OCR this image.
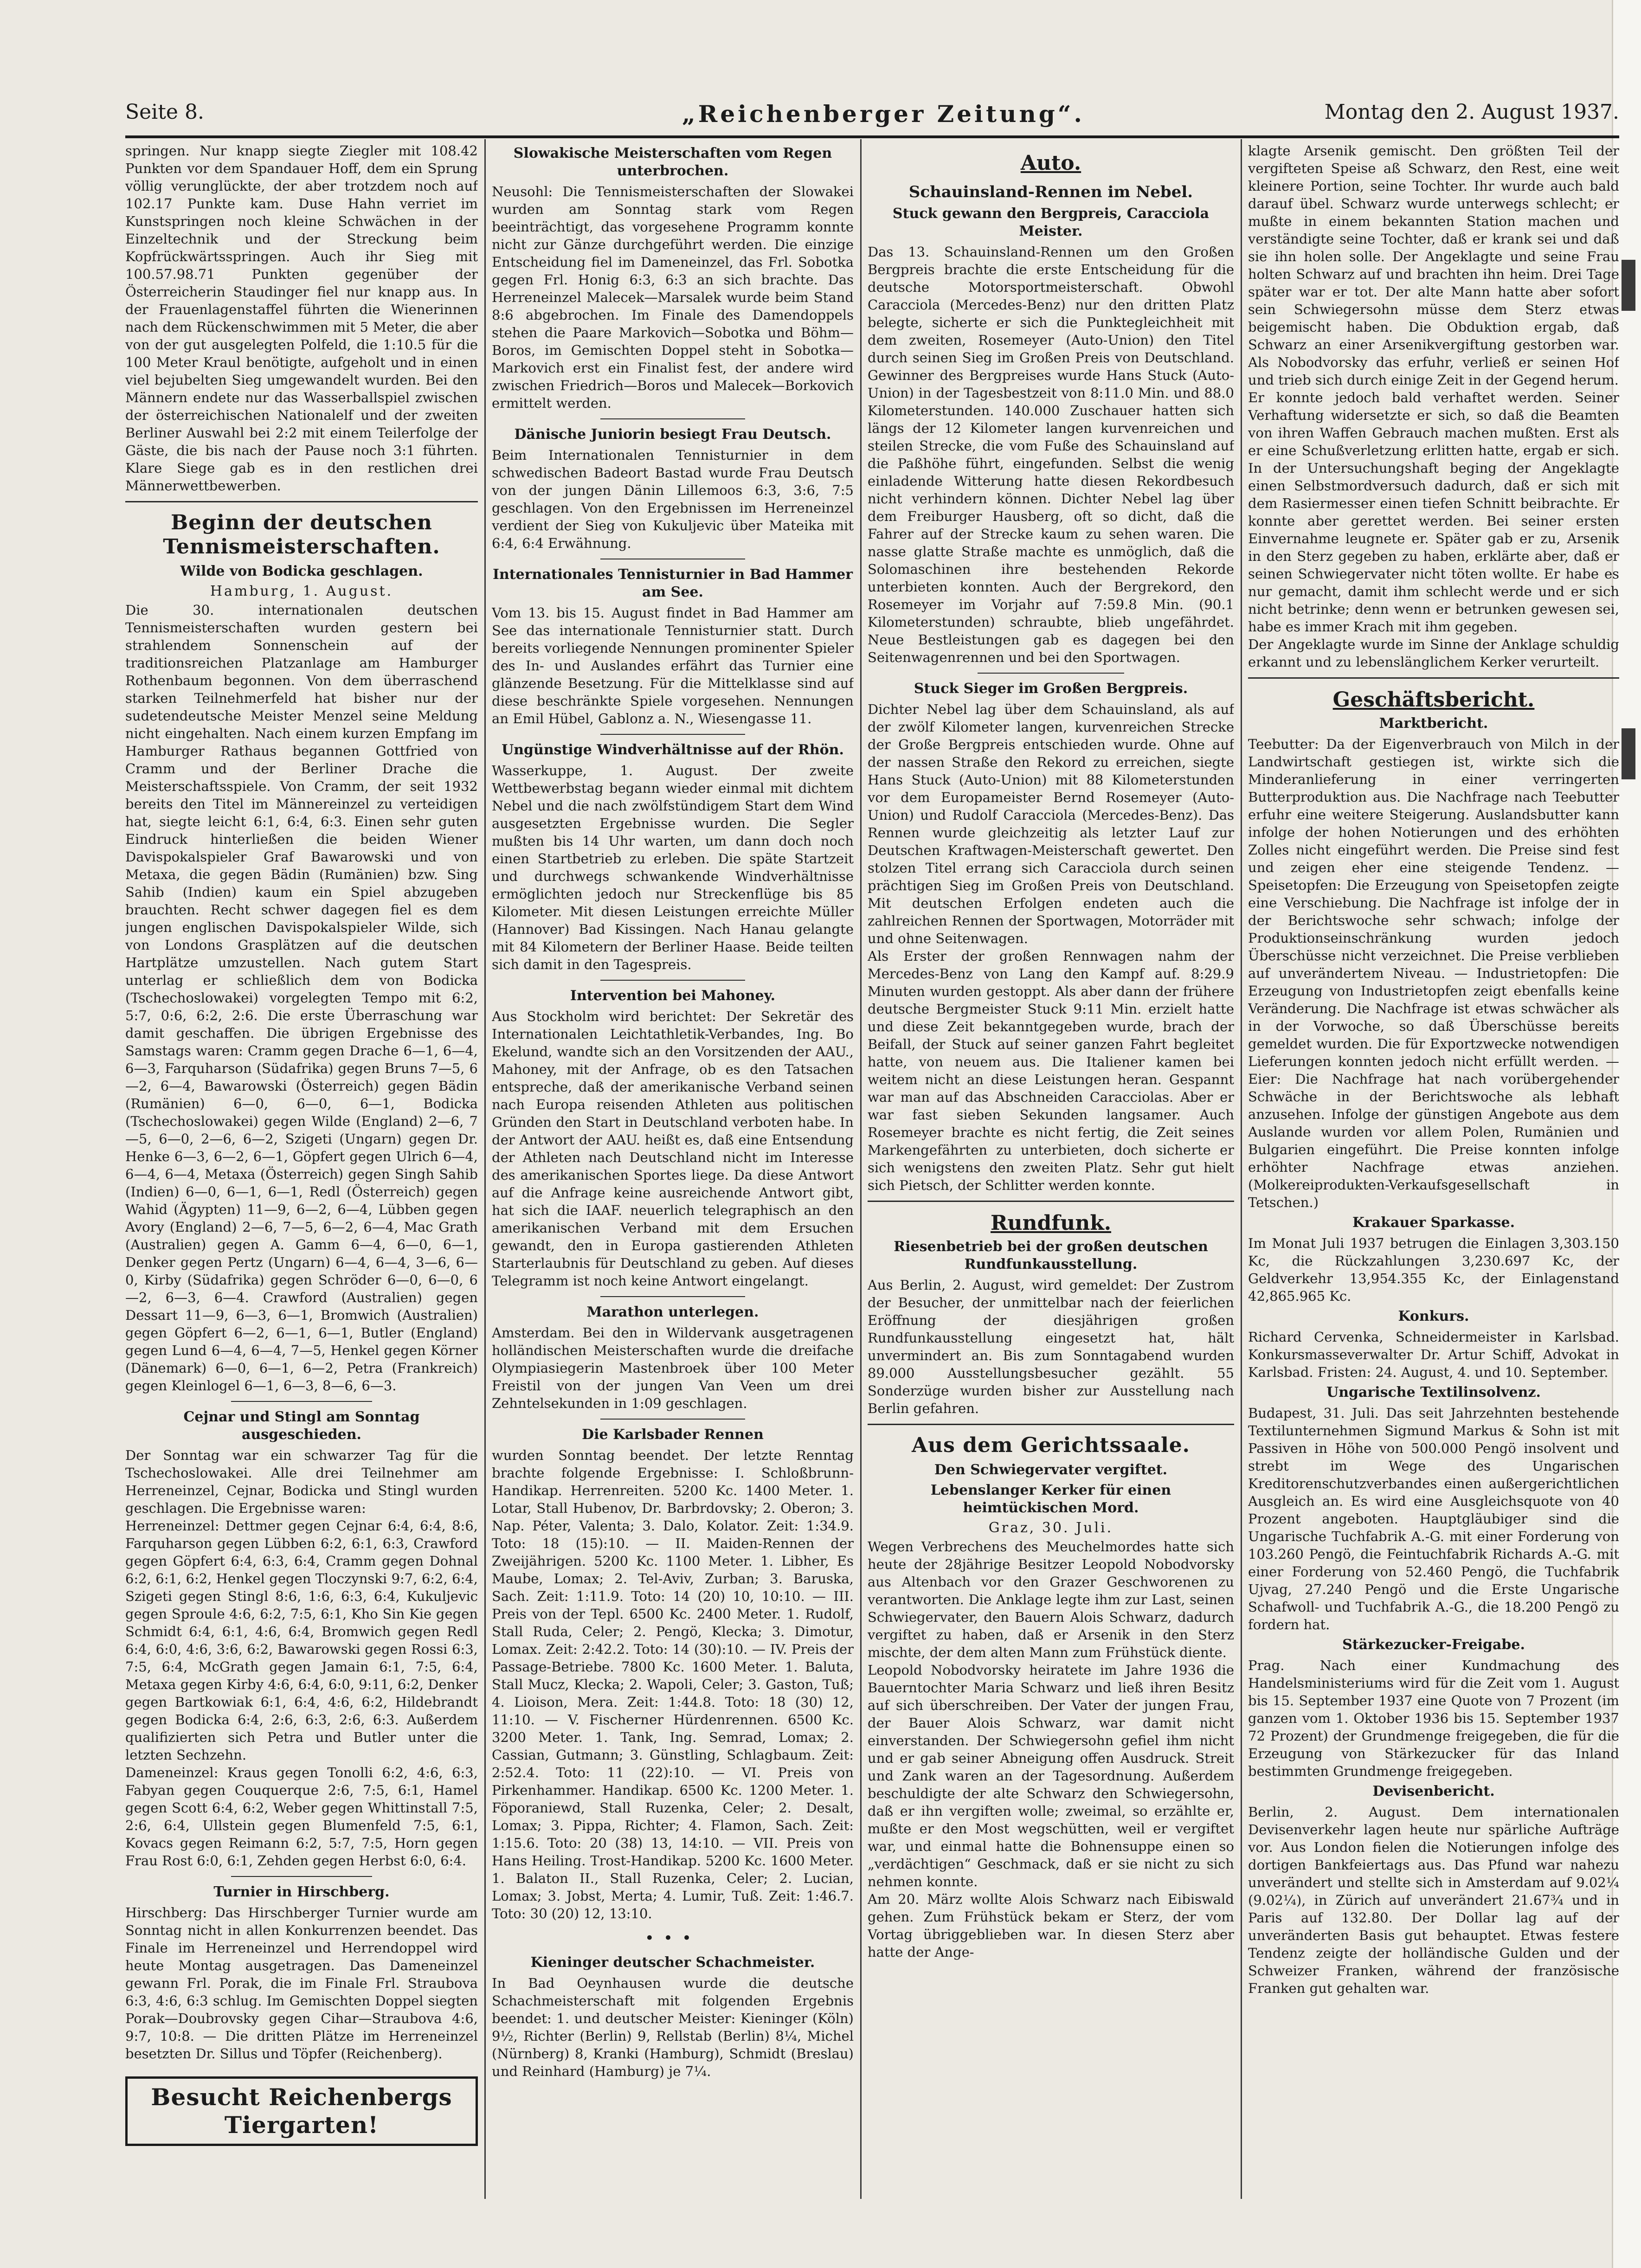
Seite 8.	„Reichenberger Zeitung“.	Montag den 2. August 1937.

springen. Nur knapp siegte Ziegler mit 108.42 Punkten vor dem Spandauer Hoff, dem ein Sprung völlig verunglückte, der aber trotzdem noch auf 102.17 Punkte kam. Duse Hahn verriet im Kunstspringen noch kleine Schwächen in der Einzeltechnik und der Streckung beim Kopfrückwärtsspringen. Auch ihr Sieg mit 100.57.98.71 Punkten gegenüber der Österreicherin Staudinger fiel nur knapp aus. In der Frauenlagenstaffel führten die Wienerinnen nach dem Rückenschwimmen mit 5 Meter, die aber von der gut ausgelegten Polfeld, die 1:10.5 für die 100 Meter Kraul benötigte, aufgeholt und in einen viel bejubelten Sieg umgewandelt wurden. Bei den Männern endete nur das Wasserballspiel zwischen der österreichischen Nationalelf und der zweiten Berliner Auswahl bei 2:2 mit einem Teilerfolge der Gäste, die bis nach der Pause noch 3:1 führten. Klare Siege gab es in den restlichen drei Männerwettbewerben.

Beginn der deutschen Tennismeisterschaften.
Wilde von Bodicka geschlagen.
Hamburg, 1. August.

Die 30. internationalen deutschen Tennismeisterschaften wurden gestern bei strahlendem Sonnenschein auf der traditionsreichen Platzanlage am Hamburger Rothenbaum begonnen. Von dem überraschend starken Teilnehmerfeld hat bisher nur der sudetendeutsche Meister Menzel seine Meldung nicht eingehalten. Nach einem kurzen Empfang im Hamburger Rathaus begannen Gottfried von Cramm und der Berliner Drache die Meisterschaftsspiele. Von Cramm, der seit 1932 bereits den Titel im Männereinzel zu verteidigen hat, siegte leicht 6:1, 6:4, 6:3. Einen sehr guten Eindruck hinterließen die beiden Wiener Davispokalspieler Graf Bawarowski und von Metaxa, die gegen Bädin (Rumänien) bzw. Sing Sahib (Indien) kaum ein Spiel abzugeben brauchten. Recht schwer dagegen fiel es dem jungen englischen Davispokalspieler Wilde, sich von Londons Grasplätzen auf die deutschen Hartplätze umzustellen. Nach gutem Start unterlag er schließlich dem von Bodicka (Tschechoslowakei) vorgelegten Tempo mit 6:2, 5:7, 0:6, 6:2, 2:6. Die erste Überraschung war damit geschaffen. Die übrigen Ergebnisse des Samstags waren: Cramm gegen Drache 6—1, 6—4, 6—3, Farquharson (Südafrika) gegen Bruns 7—5, 6—2, 6—4, Bawarowski (Österreich) gegen Bädin (Rumänien) 6—0, 6—0, 6—1, Bodicka (Tschechoslowakei) gegen Wilde (England) 2—6, 7—5, 6—0, 2—6, 6—2, Szigeti (Ungarn) gegen Dr. Henke 6—3, 6—2, 6—1, Göpfert gegen Ulrich 6—4, 6—4, 6—4, Metaxa (Österreich) gegen Singh Sahib (Indien) 6—0, 6—1, 6—1, Redl (Österreich) gegen Wahid (Ägypten) 11—9, 6—2, 6—4, Lübben gegen Avory (England) 2—6, 7—5, 6—2, 6—4, Mac Grath (Australien) gegen A. Gamm 6—4, 6—0, 6—1, Denker gegen Pertz (Ungarn) 6—4, 6—4, 3—6, 6—0, Kirby (Südafrika) gegen Schröder 6—0, 6—0, 6—2, 6—3, 6—4. Crawford (Australien) gegen Dessart 11—9, 6—3, 6—1, Bromwich (Australien) gegen Göpfert 6—2, 6—1, 6—1, Butler (England) gegen Lund 6—4, 6—4, 7—5, Henkel gegen Körner (Dänemark) 6—0, 6—1, 6—2, Petra (Frankreich) gegen Kleinlogel 6—1, 6—3, 8—6, 6—3.

Cejnar und Stingl am Sonntag ausgeschieden.

Der Sonntag war ein schwarzer Tag für die Tschechoslowakei. Alle drei Teilnehmer am Herreneinzel, Cejnar, Bodicka und Stingl wurden geschlagen. Die Ergebnisse waren:
Herreneinzel: Dettmer gegen Cejnar 6:4, 6:4, 8:6, Farquharson gegen Lübben 6:2, 6:1, 6:3, Crawford gegen Göpfert 6:4, 6:3, 6:4, Cramm gegen Dohnal 6:2, 6:1, 6:2, Henkel gegen Tloczynski 9:7, 6:2, 6:4, Szigeti gegen Stingl 8:6, 1:6, 6:3, 6:4, Kukuljevic gegen Sproule 4:6, 6:2, 7:5, 6:1, Kho Sin Kie gegen Schmidt 6:4, 6:1, 4:6, 6:4, Bromwich gegen Redl 6:4, 6:0, 4:6, 3:6, 6:2, Bawarowski gegen Rossi 6:3, 7:5, 6:4, McGrath gegen Jamain 6:1, 7:5, 6:4, Metaxa gegen Kirby 4:6, 6:4, 6:0, 9:11, 6:2, Denker gegen Bartkowiak 6:1, 6:4, 4:6, 6:2, Hildebrandt gegen Bodicka 6:4, 2:6, 6:3, 2:6, 6:3. Außerdem qualifizierten sich Petra und Butler unter die letzten Sechzehn.
Dameneinzel: Kraus gegen Tonolli 6:2, 4:6, 6:3, Fabyan gegen Couquerque 2:6, 7:5, 6:1, Hamel gegen Scott 6:4, 6:2, Weber gegen Whittinstall 7:5, 2:6, 6:4, Ullstein gegen Blumenfeld 7:5, 6:1, Kovacs gegen Reimann 6:2, 5:7, 7:5, Horn gegen Frau Rost 6:0, 6:1, Zehden gegen Herbst 6:0, 6:4.

Turnier in Hirschberg.

Hirschberg: Das Hirschberger Turnier wurde am Sonntag nicht in allen Konkurrenzen beendet. Das Finale im Herreneinzel und Herrendoppel wird heute Montag ausgetragen. Das Dameneinzel gewann Frl. Porak, die im Finale Frl. Straubova 6:3, 4:6, 6:3 schlug. Im Gemischten Doppel siegten Porak—Doubrovsky gegen Cihar—Straubova 4:6, 9:7, 10:8. — Die dritten Plätze im Herreneinzel besetzten Dr. Sillus und Töpfer (Reichenberg).

Besucht Reichenbergs Tiergarten!
Slowakische Meisterschaften vom Regen unterbrochen.

Neusohl: Die Tennismeisterschaften der Slowakei wurden am Sonntag stark vom Regen beeinträchtigt, das vorgesehene Programm konnte nicht zur Gänze durchgeführt werden. Die einzige Entscheidung fiel im Dameneinzel, das Frl. Sobotka gegen Frl. Honig 6:3, 6:3 an sich brachte. Das Herreneinzel Malecek—Marsalek wurde beim Stand 8:6 abgebrochen. Im Finale des Damendoppels stehen die Paare Markovich—Sobotka und Böhm—Boros, im Gemischten Doppel steht in Sobotka—Markovich erst ein Finalist fest, der andere wird zwischen Friedrich—Boros und Malecek—Borkovich ermittelt werden.

Dänische Juniorin besiegt Frau Deutsch.

Beim Internationalen Tennisturnier in dem schwedischen Badeort Bastad wurde Frau Deutsch von der jungen Dänin Lillemoos 6:3, 3:6, 7:5 geschlagen. Von den Ergebnissen im Herreneinzel verdient der Sieg von Kukuljevic über Mateika mit 6:4, 6:4 Erwähnung.

Internationales Tennisturnier in Bad Hammer am See.

Vom 13. bis 15. August findet in Bad Hammer am See das internationale Tennisturnier statt. Durch bereits vorliegende Nennungen prominenter Spieler des In- und Auslandes erfährt das Turnier eine glänzende Besetzung. Für die Mittelklasse sind auf diese beschränkte Spiele vorgesehen. Nennungen an Emil Hübel, Gablonz a. N., Wiesengasse 11.

Ungünstige Windverhältnisse auf der Rhön.

Wasserkuppe, 1. August. Der zweite Wettbewerbstag begann wieder einmal mit dichtem Nebel und die nach zwölfstündigem Start dem Wind ausgesetzten Ergebnisse wurden. Die Segler mußten bis 14 Uhr warten, um dann doch noch einen Startbetrieb zu erleben. Die späte Startzeit und durchwegs schwankende Windverhältnisse ermöglichten jedoch nur Streckenflüge bis 85 Kilometer. Mit diesen Leistungen erreichte Müller (Hannover) Bad Kissingen. Nach Hanau gelangte mit 84 Kilometern der Berliner Haase. Beide teilten sich damit in den Tagespreis.

Intervention bei Mahoney.

Aus Stockholm wird berichtet: Der Sekretär des Internationalen Leichtathletik-Verbandes, Ing. Bo Ekelund, wandte sich an den Vorsitzenden der AAU., Mahoney, mit der Anfrage, ob es den Tatsachen entspreche, daß der amerikanische Verband seinen nach Europa reisenden Athleten aus politischen Gründen den Start in Deutschland verboten habe. In der Antwort der AAU. heißt es, daß eine Entsendung der Athleten nach Deutschland nicht im Interesse des amerikanischen Sportes liege. Da diese Antwort auf die Anfrage keine ausreichende Antwort gibt, hat sich die IAAF. neuerlich telegraphisch an den amerikanischen Verband mit dem Ersuchen gewandt, den in Europa gastierenden Athleten Starterlaubnis für Deutschland zu geben. Auf dieses Telegramm ist noch keine Antwort eingelangt.

Marathon unterlegen.

Amsterdam. Bei den in Wildervank ausgetragenen holländischen Meisterschaften wurde die dreifache Olympiasiegerin Mastenbroek über 100 Meter Freistil von der jungen Van Veen um drei Zehntelsekunden in 1:09 geschlagen.

Die Karlsbader Rennen

wurden Sonntag beendet. Der letzte Renntag brachte folgende Ergebnisse: I. Schloßbrunn-Handikap. Herrenreiten. 5200 Kc. 1400 Meter. 1. Lotar, Stall Hubenov, Dr. Barbrdovsky; 2. Oberon; 3. Nap. Péter, Valenta; 3. Dalo, Kolator. Zeit: 1:34.9. Toto: 18 (15):10. — II. Maiden-Rennen der Zweijährigen. 5200 Kc. 1100 Meter. 1. Libher, Es Maube, Lomax; 2. Tel-Aviv, Zurban; 3. Baruska, Sach. Zeit: 1:11.9. Toto: 14 (20) 10, 10:10. — III. Preis von der Tepl. 6500 Kc. 2400 Meter. 1. Rudolf, Stall Ruda, Celer; 2. Pengö, Klecka; 3. Dimotur, Lomax. Zeit: 2:42.2. Toto: 14 (30):10. — IV. Preis der Passage-Betriebe. 7800 Kc. 1600 Meter. 1. Baluta, Stall Mucz, Klecka; 2. Wapoli, Celer; 3. Gaston, Tuß; 4. Lioison, Mera. Zeit: 1:44.8. Toto: 18 (30) 12, 11:10. — V. Fischerner Hürdenrennen. 6500 Kc. 3200 Meter. 1. Tank, Ing. Semrad, Lomax; 2. Cassian, Gutmann; 3. Günstling, Schlagbaum. Zeit: 2:52.4. Toto: 11 (22):10. — VI. Preis von Pirkenhammer. Handikap. 6500 Kc. 1200 Meter. 1. Föporaniewd, Stall Ruzenka, Celer; 2. Desalt, Lomax; 3. Pippa, Richter; 4. Flamon, Sach. Zeit: 1:15.6. Toto: 20 (38) 13, 14:10. — VII. Preis von Hans Heiling. Trost-Handikap. 5200 Kc. 1600 Meter. 1. Balaton II., Stall Ruzenka, Celer; 2. Lucian, Lomax; 3. Jobst, Merta; 4. Lumir, Tuß. Zeit: 1:46.7. Toto: 30 (20) 12, 13:10.

•••
Kieninger deutscher Schachmeister.

In Bad Oeynhausen wurde die deutsche Schachmeisterschaft mit folgenden Ergebnis beendet: 1. und deutscher Meister: Kieninger (Köln) 9½, Richter (Berlin) 9, Rellstab (Berlin) 8¼, Michel (Nürnberg) 8, Kranki (Hamburg), Schmidt (Breslau) und Reinhard (Hamburg) je 7¼.

Auto.
Schauinsland-Rennen im Nebel.
Stuck gewann den Bergpreis, Caracciola Meister.

Das 13. Schauinsland-Rennen um den Großen Bergpreis brachte die erste Entscheidung für die deutsche Motorsportmeisterschaft. Obwohl Caracciola (Mercedes-Benz) nur den dritten Platz belegte, sicherte er sich die Punktegleichheit mit dem zweiten, Rosemeyer (Auto-Union) den Titel durch seinen Sieg im Großen Preis von Deutschland. Gewinner des Bergpreises wurde Hans Stuck (Auto-Union) in der Tagesbestzeit von 8:11.0 Min. und 88.0 Kilometerstunden. 140.000 Zuschauer hatten sich längs der 12 Kilometer langen kurvenreichen und steilen Strecke, die vom Fuße des Schauinsland auf die Paßhöhe führt, eingefunden. Selbst die wenig einladende Witterung hatte diesen Rekordbesuch nicht verhindern können. Dichter Nebel lag über dem Freiburger Hausberg, oft so dicht, daß die Fahrer auf der Strecke kaum zu sehen waren. Die nasse glatte Straße machte es unmöglich, daß die Solomaschinen ihre bestehenden Rekorde unterbieten konnten. Auch der Bergrekord, den Rosemeyer im Vorjahr auf 7:59.8 Min. (90.1 Kilometerstunden) schraubte, blieb ungefährdet. Neue Bestleistungen gab es dagegen bei den Seitenwagenrennen und bei den Sportwagen.

Stuck Sieger im Großen Bergpreis.

Dichter Nebel lag über dem Schauinsland, als auf der zwölf Kilometer langen, kurvenreichen Strecke der Große Bergpreis entschieden wurde. Ohne auf der nassen Straße den Rekord zu erreichen, siegte Hans Stuck (Auto-Union) mit 88 Kilometerstunden vor dem Europameister Bernd Rosemeyer (Auto-Union) und Rudolf Caracciola (Mercedes-Benz). Das Rennen wurde gleichzeitig als letzter Lauf zur Deutschen Kraftwagen-Meisterschaft gewertet. Den stolzen Titel errang sich Caracciola durch seinen prächtigen Sieg im Großen Preis von Deutschland. Mit deutschen Erfolgen endeten auch die zahlreichen Rennen der Sportwagen, Motorräder mit und ohne Seitenwagen.
Als Erster der großen Rennwagen nahm der Mercedes-Benz von Lang den Kampf auf. 8:29.9 Minuten wurden gestoppt. Als aber dann der frühere deutsche Bergmeister Stuck 9:11 Min. erzielt hatte und diese Zeit bekanntgegeben wurde, brach der Beifall, der Stuck auf seiner ganzen Fahrt begleitet hatte, von neuem aus. Die Italiener kamen bei weitem nicht an diese Leistungen heran. Gespannt war man auf das Abschneiden Caracciolas. Aber er war fast sieben Sekunden langsamer. Auch Rosemeyer brachte es nicht fertig, die Zeit seines Markengefährten zu unterbieten, doch sicherte er sich wenigstens den zweiten Platz. Sehr gut hielt sich Pietsch, der Schlitter werden konnte.

Rundfunk.
Riesenbetrieb bei der großen deutschen Rundfunkausstellung.

Aus Berlin, 2. August, wird gemeldet: Der Zustrom der Besucher, der unmittelbar nach der feierlichen Eröffnung der diesjährigen großen Rundfunkausstellung eingesetzt hat, hält unvermindert an. Bis zum Sonntagabend wurden 89.000 Ausstellungsbesucher gezählt. 55 Sonderzüge wurden bisher zur Ausstellung nach Berlin gefahren.

Aus dem Gerichtssaale.
Den Schwiegervater vergiftet.
Lebenslanger Kerker für einen heimtückischen Mord.
Graz, 30. Juli.

Wegen Verbrechens des Meuchelmordes hatte sich heute der 28jährige Besitzer Leopold Nobodvorsky aus Altenbach vor den Grazer Geschworenen zu verantworten. Die Anklage legte ihm zur Last, seinen Schwiegervater, den Bauern Alois Schwarz, dadurch vergiftet zu haben, daß er Arsenik in den Sterz mischte, der dem alten Mann zum Frühstück diente.
Leopold Nobodvorsky heiratete im Jahre 1936 die Bauerntochter Maria Schwarz und ließ ihren Besitz auf sich überschreiben. Der Vater der jungen Frau, der Bauer Alois Schwarz, war damit nicht einverstanden. Der Schwiegersohn gefiel ihm nicht und er gab seiner Abneigung offen Ausdruck. Streit und Zank waren an der Tagesordnung. Außerdem beschuldigte der alte Schwarz den Schwiegersohn, daß er ihn vergiften wolle; zweimal, so erzählte er, mußte er den Most wegschütten, weil er vergiftet war, und einmal hatte die Bohnensuppe einen so „verdächtigen“ Geschmack, daß er sie nicht zu sich nehmen konnte.
Am 20. März wollte Alois Schwarz nach Eibiswald gehen. Zum Frühstück bekam er Sterz, der vom Vortag übriggeblieben war. In diesen Sterz aber hatte der Ange-

klagte Arsenik gemischt. Den größten Teil der vergifteten Speise aß Schwarz, den Rest, eine weit kleinere Portion, seine Tochter. Ihr wurde auch bald darauf übel. Schwarz wurde unterwegs schlecht; er mußte in einem bekannten Station machen und verständigte seine Tochter, daß er krank sei und daß sie ihn holen solle. Der Angeklagte und seine Frau holten Schwarz auf und brachten ihn heim. Drei Tage später war er tot. Der alte Mann hatte aber sofort sein Schwiegersohn müsse dem Sterz etwas beigemischt haben. Die Obduktion ergab, daß Schwarz an einer Arsenikvergiftung gestorben war. Als Nobodvorsky das erfuhr, verließ er seinen Hof und trieb sich durch einige Zeit in der Gegend herum.
Er konnte jedoch bald verhaftet werden. Seiner Verhaftung widersetzte er sich, so daß die Beamten von ihren Waffen Gebrauch machen mußten. Erst als er eine Schußverletzung erlitten hatte, ergab er sich. In der Untersuchungshaft beging der Angeklagte einen Selbstmordversuch dadurch, daß er sich mit dem Rasiermesser einen tiefen Schnitt beibrachte. Er konnte aber gerettet werden. Bei seiner ersten Einvernahme leugnete er. Später gab er zu, Arsenik in den Sterz gegeben zu haben, erklärte aber, daß er seinen Schwiegervater nicht töten wollte. Er habe es nur gemacht, damit ihm schlecht werde und er sich nicht betrinke; denn wenn er betrunken gewesen sei, habe es immer Krach mit ihm gegeben.
Der Angeklagte wurde im Sinne der Anklage schuldig erkannt und zu lebenslänglichem Kerker verurteilt.

Geschäftsbericht.
Marktbericht.

Teebutter: Da der Eigenverbrauch von Milch in der Landwirtschaft gestiegen ist, wirkte sich die Minderanlieferung in einer verringerten Butterproduktion aus. Die Nachfrage nach Teebutter erfuhr eine weitere Steigerung. Auslandsbutter kann infolge der hohen Notierungen und des erhöhten Zolles nicht eingeführt werden. Die Preise sind fest und zeigen eher eine steigende Tendenz. — Speisetopfen: Die Erzeugung von Speisetopfen zeigte eine Verschiebung. Die Nachfrage ist infolge der in der Berichtswoche sehr schwach; infolge der Produktionseinschränkung wurden jedoch Überschüsse nicht verzeichnet. Die Preise verblieben auf unverändertem Niveau. — Industrietopfen: Die Erzeugung von Industrietopfen zeigt ebenfalls keine Veränderung. Die Nachfrage ist etwas schwächer als in der Vorwoche, so daß Überschüsse bereits gemeldet wurden. Die für Exportzwecke notwendigen Lieferungen konnten jedoch nicht erfüllt werden. — Eier: Die Nachfrage hat nach vorübergehender Schwäche in der Berichtswoche als lebhaft anzusehen. Infolge der günstigen Angebote aus dem Auslande wurden vor allem Polen, Rumänien und Bulgarien eingeführt. Die Preise konnten infolge erhöhter Nachfrage etwas anziehen. (Molkereiprodukten-Verkaufsgesellschaft in Tetschen.)

Krakauer Sparkasse.

Im Monat Juli 1937 betrugen die Einlagen 3,303.150 Kc, die Rückzahlungen 3,230.697 Kc, der Geldverkehr 13,954.355 Kc, der Einlagenstand 42,865.965 Kc.

Konkurs.

Richard Cervenka, Schneidermeister in Karlsbad. Konkursmasseverwalter Dr. Artur Schiff, Advokat in Karlsbad. Fristen: 24. August, 4. und 10. September.

Ungarische Textilinsolvenz.

Budapest, 31. Juli. Das seit Jahrzehnten bestehende Textilunternehmen Sigmund Markus & Sohn ist mit Passiven in Höhe von 500.000 Pengö insolvent und strebt im Wege des Ungarischen Kreditorenschutzverbandes einen außergerichtlichen Ausgleich an. Es wird eine Ausgleichsquote von 40 Prozent angeboten. Hauptgläubiger sind die Ungarische Tuchfabrik A.-G. mit einer Forderung von 103.260 Pengö, die Feintuchfabrik Richards A.-G. mit einer Forderung von 52.460 Pengö, die Tuchfabrik Ujvag, 27.240 Pengö und die Erste Ungarische Schafwoll- und Tuchfabrik A.-G., die 18.200 Pengö zu fordern hat.

Stärkezucker-Freigabe.

Prag. Nach einer Kundmachung des Handelsministeriums wird für die Zeit vom 1. August bis 15. September 1937 eine Quote von 7 Prozent (im ganzen vom 1. Oktober 1936 bis 15. September 1937 72 Prozent) der Grundmenge freigegeben, die für die Erzeugung von Stärkezucker für das Inland bestimmten Grundmenge freigegeben.

Devisenbericht.

Berlin, 2. August. Dem internationalen Devisenverkehr lagen heute nur spärliche Aufträge vor. Aus London fielen die Notierungen infolge des dortigen Bankfeiertags aus. Das Pfund war nahezu unverändert und stellte sich in Amsterdam auf 9.02¼ (9.02¼), in Zürich auf unverändert 21.67¾ und in Paris auf 132.80. Der Dollar lag auf der unveränderten Basis gut behauptet. Etwas festere Tendenz zeigte der holländische Gulden und der Schweizer Franken, während der französische Franken gut gehalten war.
